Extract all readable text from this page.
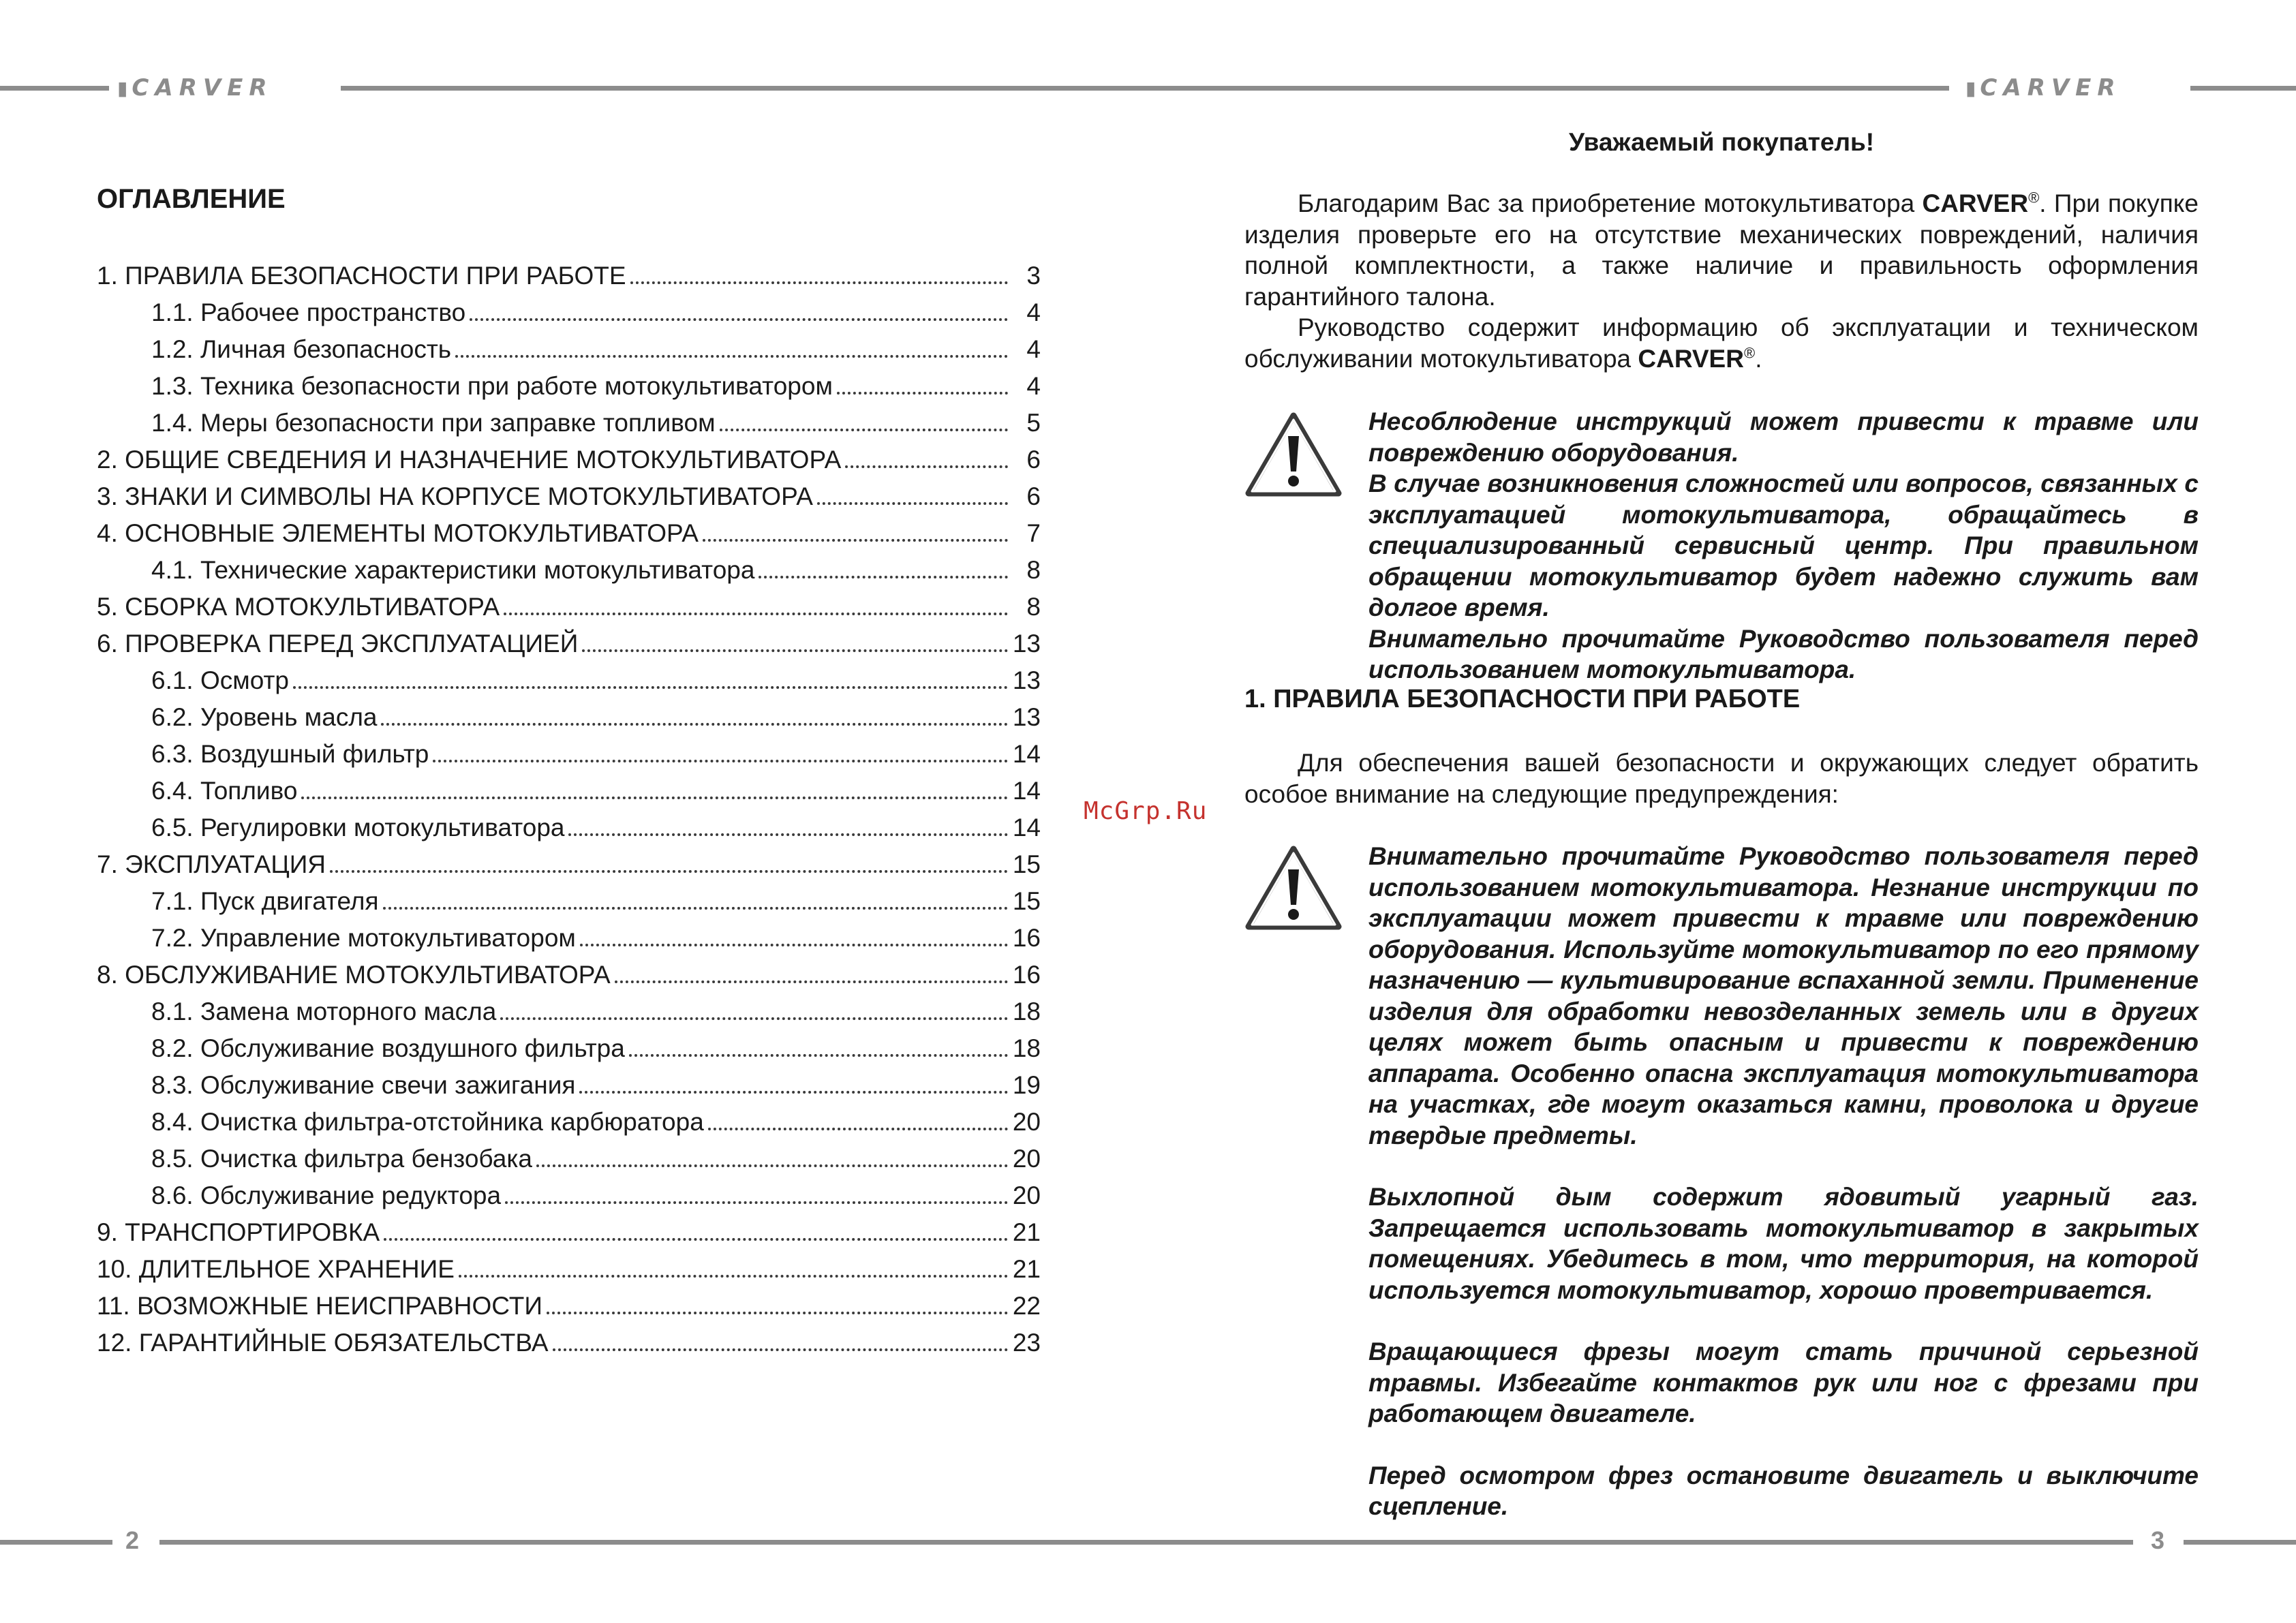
▮ CARVER	▮ CARVER
2	3
ОГЛАВЛЕНИЕ
1. ПРАВИЛА БЕЗОПАСНОСТИ ПРИ РАБОТЕ	3
1.1. Рабочее пространство	4
1.2. Личная безопасность	4
1.3. Техника безопасности при работе мотокультиватором	4
1.4. Меры безопасности при заправке топливом	5
2. ОБЩИЕ СВЕДЕНИЯ И НАЗНАЧЕНИЕ МОТОКУЛЬТИВАТОРА	6
3. ЗНАКИ И СИМВОЛЫ НА КОРПУСЕ МОТОКУЛЬТИВАТОРА	6
4. ОСНОВНЫЕ ЭЛЕМЕНТЫ МОТОКУЛЬТИВАТОРА	7
4.1. Технические характеристики мотокультиватора	8
5. СБОРКА МОТОКУЛЬТИВАТОРА	8
6. ПРОВЕРКА ПЕРЕД ЭКСПЛУАТАЦИЕЙ	13
6.1. Осмотр	13
6.2. Уровень масла	13
6.3. Воздушный фильтр	14
6.4. Топливо	14
6.5. Регулировки мотокультиватора	14
7. ЭКСПЛУАТАЦИЯ	15
7.1. Пуск двигателя	15
7.2. Управление мотокультиватором	16
8. ОБСЛУЖИВАНИЕ МОТОКУЛЬТИВАТОРА	16
8.1. Замена моторного масла	18
8.2. Обслуживание воздушного фильтра	18
8.3. Обслуживание свечи зажигания	19
8.4. Очистка фильтра-отстойника карбюратора	20
8.5. Очистка фильтра бензобака	20
8.6. Обслуживание редуктора	20
9. ТРАНСПОРТИРОВКА	21
10. ДЛИТЕЛЬНОЕ ХРАНЕНИЕ	21
11. ВОЗМОЖНЫЕ НЕИСПРАВНОСТИ	22
12. ГАРАНТИЙНЫЕ ОБЯЗАТЕЛЬСТВА	23
McGrp.Ru
Уважаемый покупатель!

Благодарим Вас за приобретение мотокультиватора CARVER®. При покупке изделия проверьте его на отсутствие механических повреждений, наличия полной комплектности, а также наличие и правильность оформления гарантийного талона.

Руководство содержит информацию об эксплуатации и техническом обслуживании мотокультиватора CARVER®.

Несоблюдение инструкций может привести к травме или повреждению оборудования.

В случае возникновения сложностей или вопросов, связанных с эксплуатацией мотокультиватора, обращайтесь в специализированный сервисный центр. При правильном обращении мотокультиватор будет надежно служить вам долгое время.

Внимательно прочитайте Руководство пользователя перед использованием мотокультиватора.

1. ПРАВИЛА БЕЗОПАСНОСТИ ПРИ РАБОТЕ

Для обеспечения вашей безопасности и окружающих следует обратить особое внимание на следующие предупреждения:

Внимательно прочитайте Руководство пользователя перед использованием мотокультиватора. Незнание инструкции по эксплуатации может привести к травме или повреждению оборудования. Используйте мотокультиватор по его прямому назначению — культивирование вспаханной земли. Применение изделия для обработки невозделанных земель или в других целях может быть опасным и привести к повреждению аппарата. Особенно опасна эксплуатация мотокультиватора на участках, где могут оказаться камни, проволока и другие твердые предметы.

Выхлопной дым содержит ядовитый угарный газ. Запрещается использовать мотокультиватор в закрытых помещениях. Убедитесь в том, что территория, на которой используется мотокультиватор, хорошо проветривается.

Вращающиеся фрезы могут стать причиной серьезной травмы. Избегайте контактов рук или ног с фрезами при работающем двигателе.

Перед осмотром фрез остановите двигатель и выключите сцепление.
